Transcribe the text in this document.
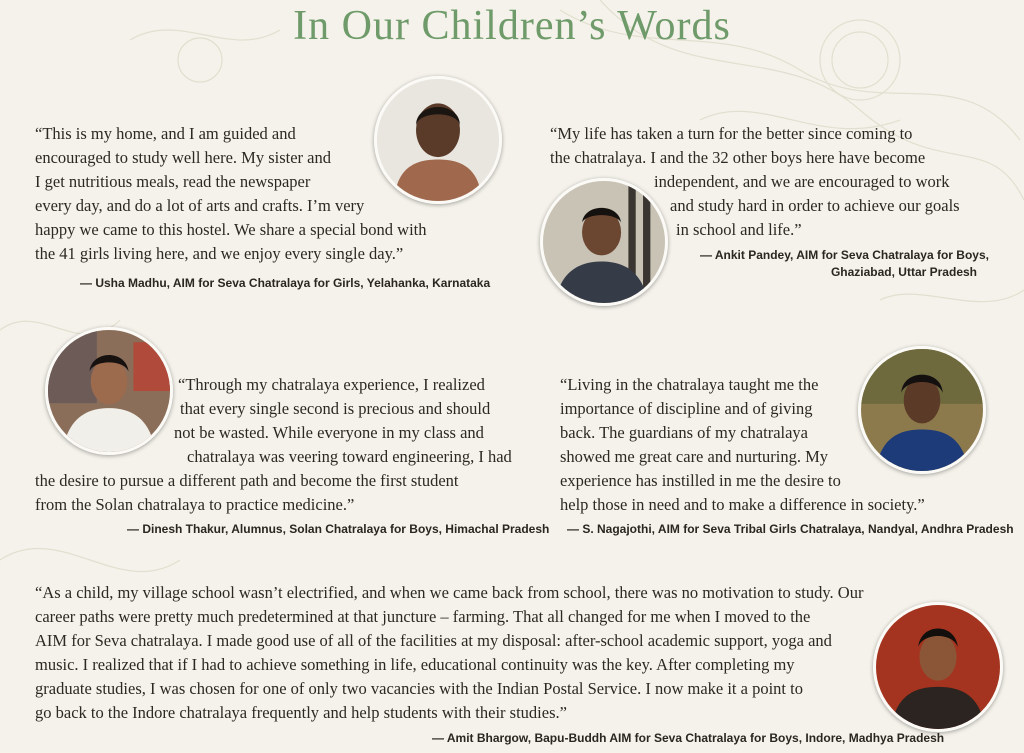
In Our Children’s Words
“This is my home, and I am guided and
encouraged to study well here. My sister and
I get nutritious meals, read the newspaper
every day, and do a lot of arts and crafts. I’m very
happy we came to this hostel. We share a special bond with
the 41 girls living here, and we enjoy every single day.”
— Usha Madhu, AIM for Seva Chatralaya for Girls, Yelahanka, Karnataka
“My life has taken a turn for the better since coming to
the chatralaya. I and the 32 other boys here have become
independent, and we are encouraged to work
and study hard in order to achieve our goals
in school and life.”
— Ankit Pandey, AIM for Seva Chatralaya for Boys,
Ghaziabad, Uttar Pradesh
“Through my chatralaya experience, I realized
that every single second is precious and should
not be wasted. While everyone in my class and
chatralaya was veering toward engineering, I had
the desire to pursue a different path and become the first student
from the Solan chatralaya to practice medicine.”
— Dinesh Thakur, Alumnus, Solan Chatralaya for Boys, Himachal Pradesh
“Living in the chatralaya taught me the
importance of discipline and of giving
back. The guardians of my chatralaya
showed me great care and nurturing. My
experience has instilled in me the desire to
help those in need and to make a difference in society.”
— S. Nagajothi, AIM for Seva Tribal Girls Chatralaya, Nandyal, Andhra Pradesh
“As a child, my village school wasn’t electrified, and when we came back from school, there was no motivation to study. Our
career paths were pretty much predetermined at that juncture – farming. That all changed for me when I moved to the
AIM for Seva chatralaya. I made good use of all of the facilities at my disposal: after-school academic support, yoga and
music. I realized that if I had to achieve something in life, educational continuity was the key. After completing my
graduate studies, I was chosen for one of only two vacancies with the Indian Postal Service. I now make it a point to
go back to the Indore chatralaya frequently and help students with their studies.”
— Amit Bhargow, Bapu-Buddh AIM for Seva Chatralaya for Boys, Indore, Madhya Pradesh
